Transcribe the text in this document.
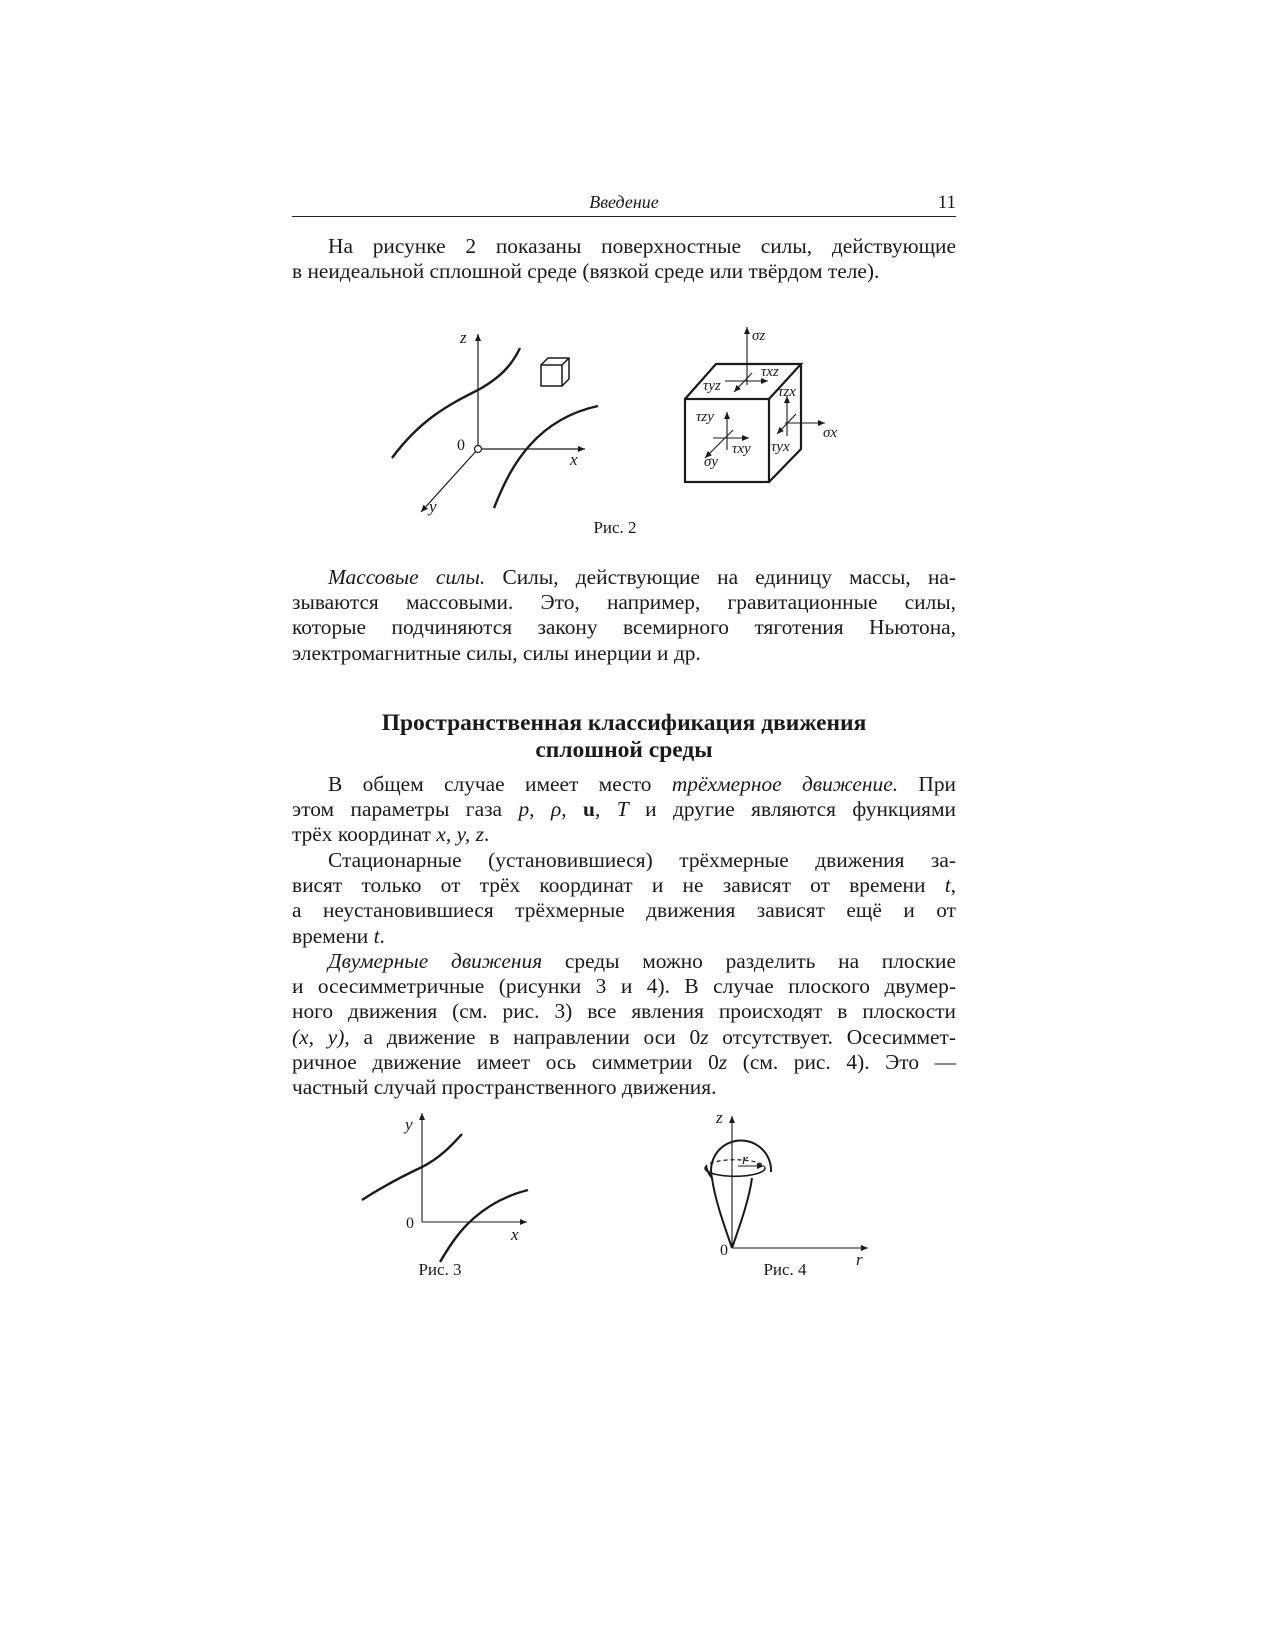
Введение	11

На рисунке 2 показаны поверхностные силы, действующие
в неидеальной сплошной среде (вязкой среде или твёрдом теле).

Массовые силы. Силы, действующие на единицу массы, на-
зываются массовыми. Это, например, гравитационные силы,
которые подчиняются закону всемирного тяготения Ньютона,
электромагнитные силы, силы инерции и др.

Пространственная классификация движения
сплошной среды

В общем случае имеет место трёхмерное движение. При
этом параметры газа p, ρ, u, T и другие являются функциями
трёх координат x, y, z.

Стационарные (установившиеся) трёхмерные движения за-
висят только от трёх координат и не зависят от времени t,
а неустановившиеся трёхмерные движения зависят ещё и от
времени t.

Двумерные движения среды можно разделить на плоские
и осесимметричные (рисунки 3 и 4). В случае плоского двумер-
ного движения (см. рис. 3) все явления происходят в плоскости
(x, y), а движение в направлении оси 0z отсутствует. Осесиммет-
ричное движение имеет ось симметрии 0z (см. рис. 4). Это —
частный случай пространственного движения.

z
x
y
0
σz
τxz
τyz	τzx
τzy
σx
τxy τyx
σy
y
x
0
z
r
r
0
Рис. 2
Рис. 3	Рис. 4
